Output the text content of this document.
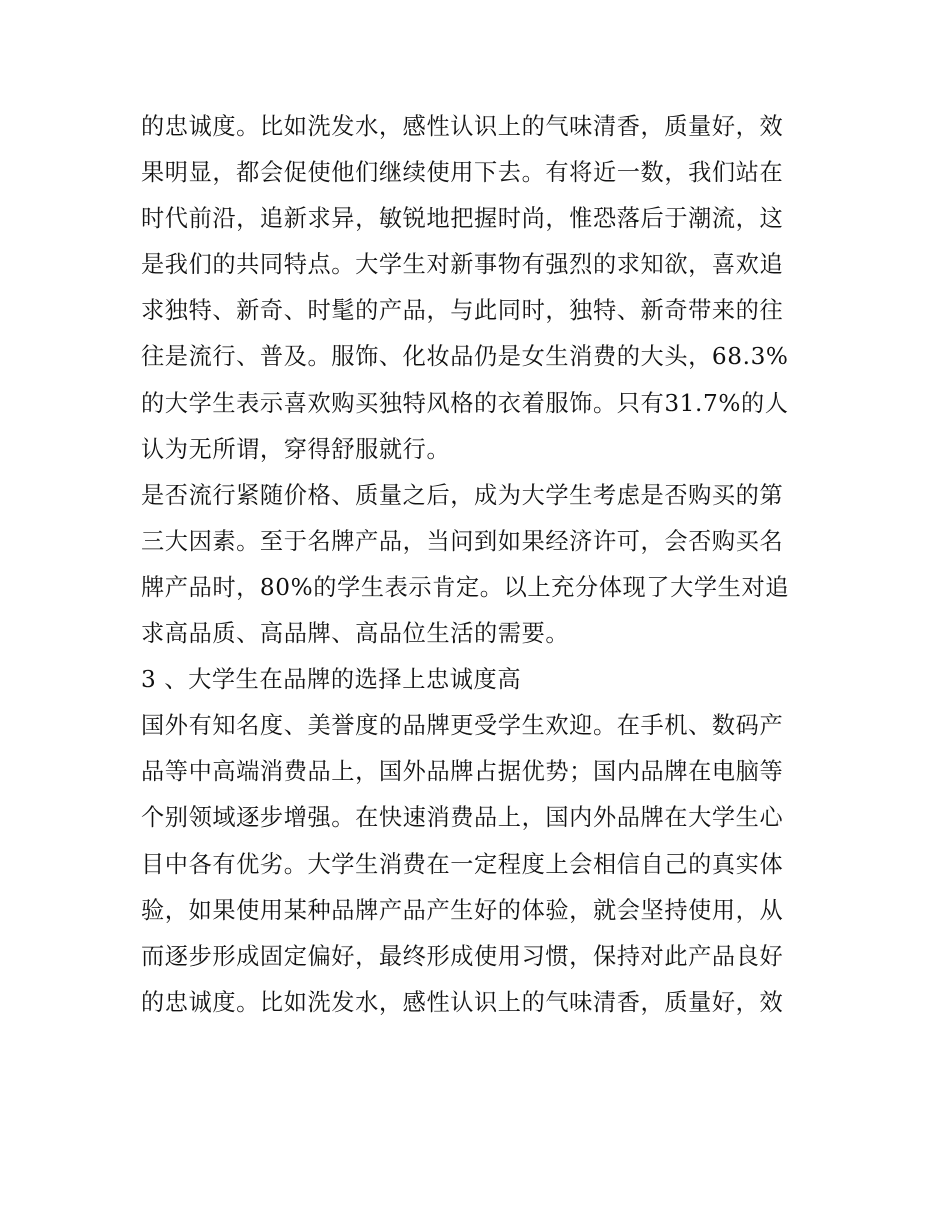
的忠诚度。比如洗发水，感性认识上的气味清香，质量好，效
果明显，都会促使他们继续使用下去。有将近一数，我们站在
时代前沿，追新求异，敏锐地把握时尚，惟恐落后于潮流，这
是我们的共同特点。大学生对新事物有强烈的求知欲，喜欢追
求独特、新奇、时髦的产品，与此同时，独特、新奇带来的往
往是流行、普及。服饰、化妆品仍是女生消费的大头，68.3%
的大学生表示喜欢购买独特风格的衣着服饰。只有31.7%的人
认为无所谓，穿得舒服就行。
是否流行紧随价格、质量之后，成为大学生考虑是否购买的第
三大因素。至于名牌产品，当问到如果经济许可，会否购买名
牌产品时，80%的学生表示肯定。以上充分体现了大学生对追
求高品质、高品牌、高品位生活的需要。
3 、大学生在品牌的选择上忠诚度高
国外有知名度、美誉度的品牌更受学生欢迎。在手机、数码产
品等中高端消费品上，国外品牌占据优势；国内品牌在电脑等
个别领域逐步增强。在快速消费品上，国内外品牌在大学生心
目中各有优劣。大学生消费在一定程度上会相信自己的真实体
验，如果使用某种品牌产品产生好的体验，就会坚持使用，从
而逐步形成固定偏好，最终形成使用习惯，保持对此产品良好
的忠诚度。比如洗发水，感性认识上的气味清香，质量好，效
